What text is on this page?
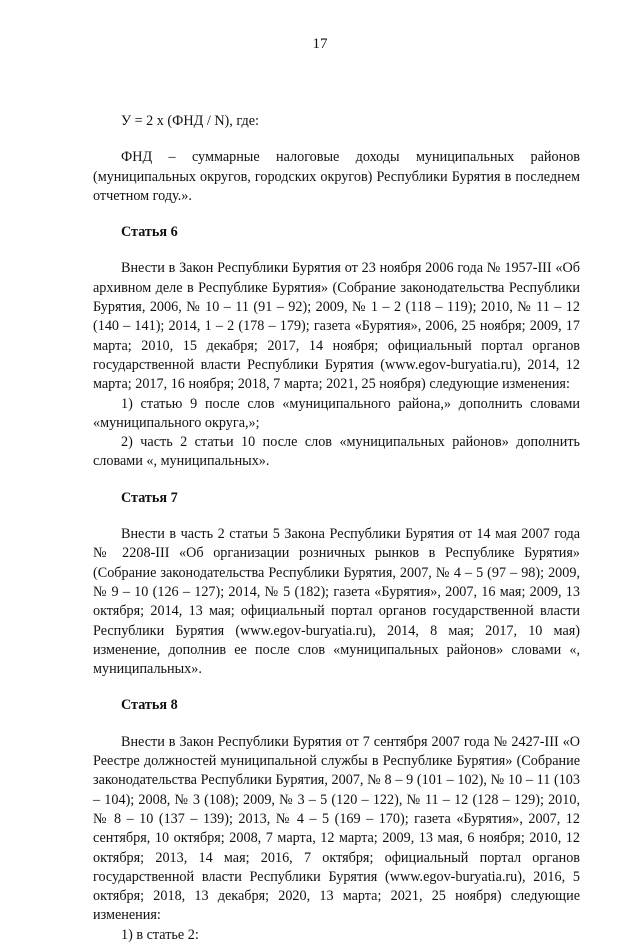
17

У = 2 х (ФНД / N), где:

ФНД – суммарные налоговые доходы муниципальных районов (муниципальных округов, городских округов) Республики Бурятия в последнем отчетном году.».

Статья 6

Внести в Закон Республики Бурятия от 23 ноября 2006 года № 1957-III «Об архивном деле в Республике Бурятия» (Собрание законодательства Республики Бурятия, 2006, № 10 – 11 (91 – 92); 2009, № 1 – 2 (118 – 119); 2010, № 11 – 12 (140 – 141); 2014, 1 – 2 (178 – 179); газета «Бурятия», 2006, 25 ноября; 2009, 17 марта; 2010, 15 декабря; 2017, 14 ноября; официальный портал органов государственной власти Республики Бурятия (www.egov-buryatia.ru), 2014, 12 марта; 2017, 16 ноября; 2018, 7 марта; 2021, 25 ноября) следующие изменения:

1) статью 9 после слов «муниципального района,» дополнить словами «муниципального округа,»;

2) часть 2 статьи 10 после слов «муниципальных районов» дополнить словами «, муниципальных».

Статья 7

Внести в часть 2 статьи 5 Закона Республики Бурятия от 14 мая 2007 года № 2208-III «Об организации розничных рынков в Республике Бурятия» (Собрание законодательства Республики Бурятия, 2007, № 4 – 5 (97 – 98); 2009, № 9 – 10 (126 – 127); 2014, № 5 (182); газета «Бурятия», 2007, 16 мая; 2009, 13 октября; 2014, 13 мая; официальный портал органов государственной власти Республики Бурятия (www.egov-buryatia.ru), 2014, 8 мая; 2017, 10 мая) изменение, дополнив ее после слов «муниципальных районов» словами «, муниципальных».

Статья 8

Внести в Закон Республики Бурятия от 7 сентября 2007 года № 2427-III «О Реестре должностей муниципальной службы в Республике Бурятия» (Собрание законодательства Республики Бурятия, 2007, № 8 – 9 (101 – 102), № 10 – 11 (103 – 104); 2008, № 3 (108); 2009, № 3 – 5 (120 – 122), № 11 – 12 (128 – 129); 2010, № 8 – 10 (137 – 139); 2013, № 4 – 5 (169 – 170); газета «Бурятия», 2007, 12 сентября, 10 октября; 2008, 7 марта, 12 марта; 2009, 13 мая, 6 ноября; 2010, 12 октября; 2013, 14 мая; 2016, 7 октября; официальный портал органов государственной власти Республики Бурятия (www.egov-buryatia.ru), 2016, 5 октября; 2018, 13 декабря; 2020, 13 марта; 2021, 25 ноября) следующие изменения:

1) в статье 2:
